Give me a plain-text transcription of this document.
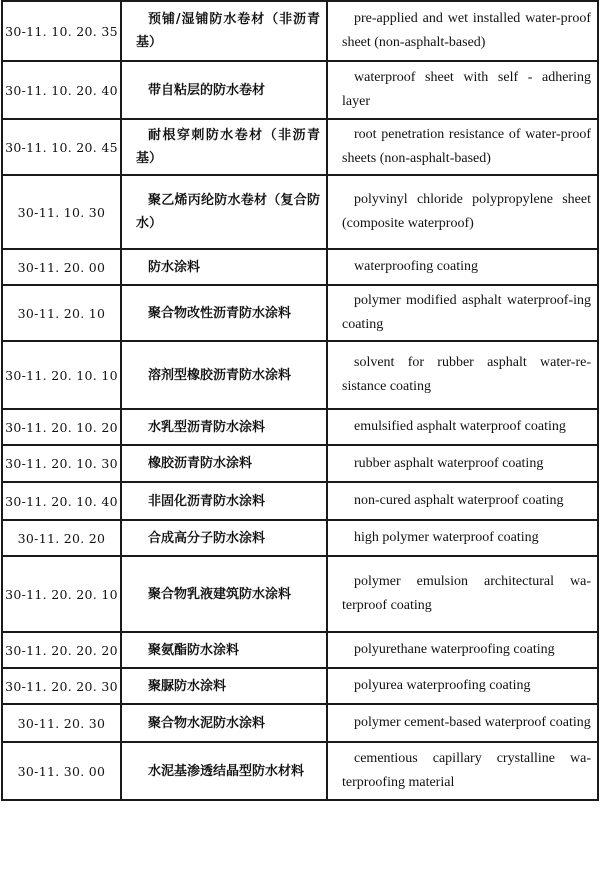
30-11. 10. 20. 35	预铺/湿铺防水卷材（非沥青基）	pre-applied and wet installed water-proof sheet (non-asphalt-based)
30-11. 10. 20. 40	带自粘层的防水卷材	waterproof sheet with self - adhering layer
30-11. 10. 20. 45	耐根穿刺防水卷材（非沥青基）	root penetration resistance of water-proof sheets (non-asphalt-based)
30-11. 10. 30	聚乙烯丙纶防水卷材（复合防水）	polyvinyl chloride polypropylene sheet (composite waterproof)
30-11. 20. 00	防水涂料	waterproofing coating
30-11. 20. 10	聚合物改性沥青防水涂料	polymer modified asphalt waterproof-ing coating
30-11. 20. 10. 10	溶剂型橡胶沥青防水涂料	solvent for rubber asphalt water-re-sistance coating
30-11. 20. 10. 20	水乳型沥青防水涂料	emulsified asphalt waterproof coating
30-11. 20. 10. 30	橡胶沥青防水涂料	rubber asphalt waterproof coating
30-11. 20. 10. 40	非固化沥青防水涂料	non-cured asphalt waterproof coating
30-11. 20. 20	合成高分子防水涂料	high polymer waterproof coating
30-11. 20. 20. 10	聚合物乳液建筑防水涂料	polymer emulsion architectural wa-terproof coating
30-11. 20. 20. 20	聚氨酯防水涂料	polyurethane waterproofing coating
30-11. 20. 20. 30	聚脲防水涂料	polyurea waterproofing coating
30-11. 20. 30	聚合物水泥防水涂料	polymer cement-based waterproof coating
30-11. 30. 00	水泥基渗透结晶型防水材料	cementious capillary crystalline wa-terproofing material
